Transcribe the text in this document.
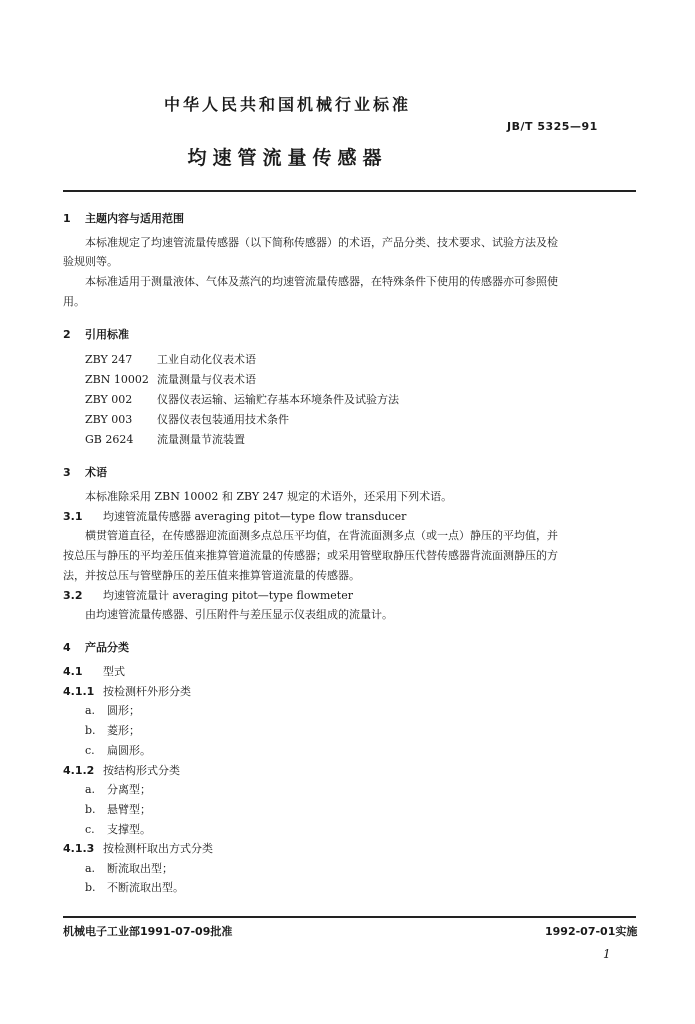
中华人民共和国机械行业标准
JB/T 5325—91
均速管流量传感器
1 主题内容与适用范围
本标准规定了均速管流量传感器（以下简称传感器）的术语，产品分类、技术要求、试验方法及检
验规则等。
本标准适用于测量液体、气体及蒸汽的均速管流量传感器，在特殊条件下使用的传感器亦可参照使
用。
2 引用标准
ZBY 247 工业自动化仪表术语
ZBN 10002 流量测量与仪表术语
ZBY 002 仪器仪表运输、运输贮存基本环境条件及试验方法
ZBY 003 仪器仪表包装通用技术条件
GB 2624 流量测量节流装置
3 术语
本标准除采用 ZBN 10002 和 ZBY 247 规定的术语外，还采用下列术语。
3.1 均速管流量传感器 averaging pitot—type flow transducer
横贯管道直径，在传感器迎流面测多点总压平均值，在背流面测多点（或一点）静压的平均值，并
按总压与静压的平均差压值来推算管道流量的传感器；或采用管壁取静压代替传感器背流面测静压的方
法，并按总压与管壁静压的差压值来推算管道流量的传感器。
3.2 均速管流量计 averaging pitot—type flowmeter
由均速管流量传感器、引压附件与差压显示仪表组成的流量计。
4 产品分类
4.1 型式
4.1.1 按检测杆外形分类
a. 圆形；
b. 菱形；
c. 扁圆形。
4.1.2 按结构形式分类
a. 分离型；
b. 悬臂型；
c. 支撑型。
4.1.3 按检测杆取出方式分类
a. 断流取出型；
b. 不断流取出型。
机械电子工业部1991-07-09批准	1992-07-01实施
1
